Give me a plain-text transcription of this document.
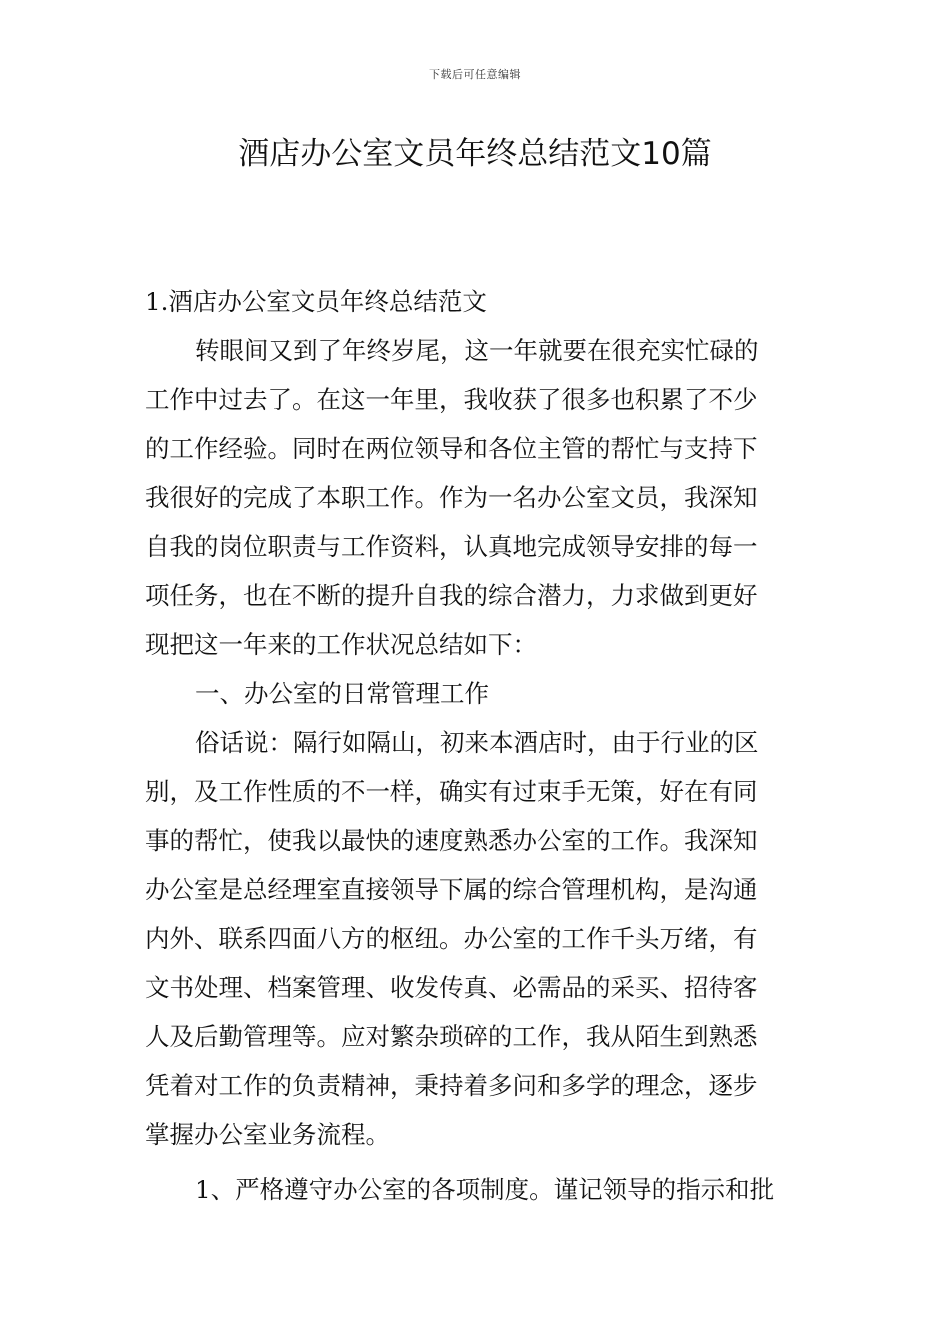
下载后可任意编辑
酒店办公室文员年终总结范文10篇
1.酒店办公室文员年终总结范文
转眼间又到了年终岁尾，这一年就要在很充实忙碌的
工作中过去了。在这一年里，我收获了很多也积累了不少
的工作经验。同时在两位领导和各位主管的帮忙与支持下
我很好的完成了本职工作。作为一名办公室文员，我深知
自我的岗位职责与工作资料，认真地完成领导安排的每一
项任务，也在不断的提升自我的综合潜力，力求做到更好
现把这一年来的工作状况总结如下：
一、办公室的日常管理工作
俗话说：隔行如隔山，初来本酒店时，由于行业的区
别，及工作性质的不一样，确实有过束手无策，好在有同
事的帮忙，使我以最快的速度熟悉办公室的工作。我深知
办公室是总经理室直接领导下属的综合管理机构，是沟通
内外、联系四面八方的枢纽。办公室的工作千头万绪，有
文书处理、档案管理、收发传真、必需品的采买、招待客
人及后勤管理等。应对繁杂琐碎的工作，我从陌生到熟悉
凭着对工作的负责精神，秉持着多问和多学的理念，逐步
掌握办公室业务流程。
1、严格遵守办公室的各项制度。谨记领导的指示和批
